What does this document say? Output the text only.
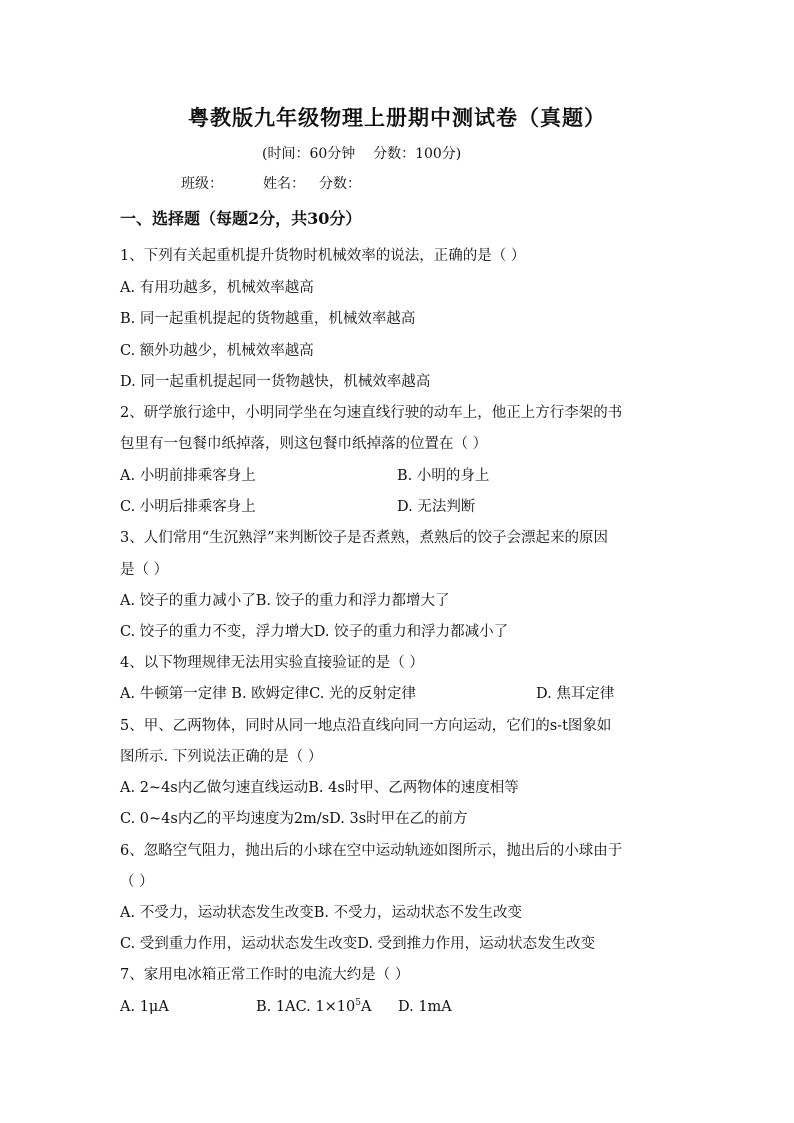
粤教版九年级物理上册期中测试卷（真题）
(时间：60分钟    分数：100分)
班级：	姓名： 分数：
一、选择题（每题2分，共30分）
1、下列有关起重机提升货物时机械效率的说法，正确的是（ ）
A. 有用功越多，机械效率越高
B. 同一起重机提起的货物越重，机械效率越高
C. 额外功越少，机械效率越高
D. 同一起重机提起同一货物越快，机械效率越高
2、研学旅行途中，小明同学坐在匀速直线行驶的动车上，他正上方行李架的书
包里有一包餐巾纸掉落，则这包餐巾纸掉落的位置在（ ）
A. 小明前排乘客身上	B. 小明的身上
C. 小明后排乘客身上	D. 无法判断
3、人们常用“生沉熟浮”来判断饺子是否煮熟，煮熟后的饺子会漂起来的原因
是（ ）
A. 饺子的重力减小了B. 饺子的重力和浮力都增大了
C. 饺子的重力不变，浮力增大D. 饺子的重力和浮力都减小了
4、以下物理规律无法用实验直接验证的是（ ）
A. 牛顿第一定律 B. 欧姆定律C. 光的反射定律	D. 焦耳定律
5、甲、乙两物体，同时从同一地点沿直线向同一方向运动，它们的s-t图象如
图所示. 下列说法正确的是（ ）
A. 2~4s内乙做匀速直线运动B. 4s时甲、乙两物体的速度相等
C. 0~4s内乙的平均速度为2m/sD. 3s时甲在乙的前方
6、忽略空气阻力，抛出后的小球在空中运动轨迹如图所示，抛出后的小球由于
（ ）
A. 不受力，运动状态发生改变B. 不受力，运动状态不发生改变
C. 受到重力作用，运动状态发生改变D. 受到推力作用，运动状态发生改变
7、家用电冰箱正常工作时的电流大约是（ ）
A. 1μA	B. 1AC. $1\times 10^5A$ D. 1mA
